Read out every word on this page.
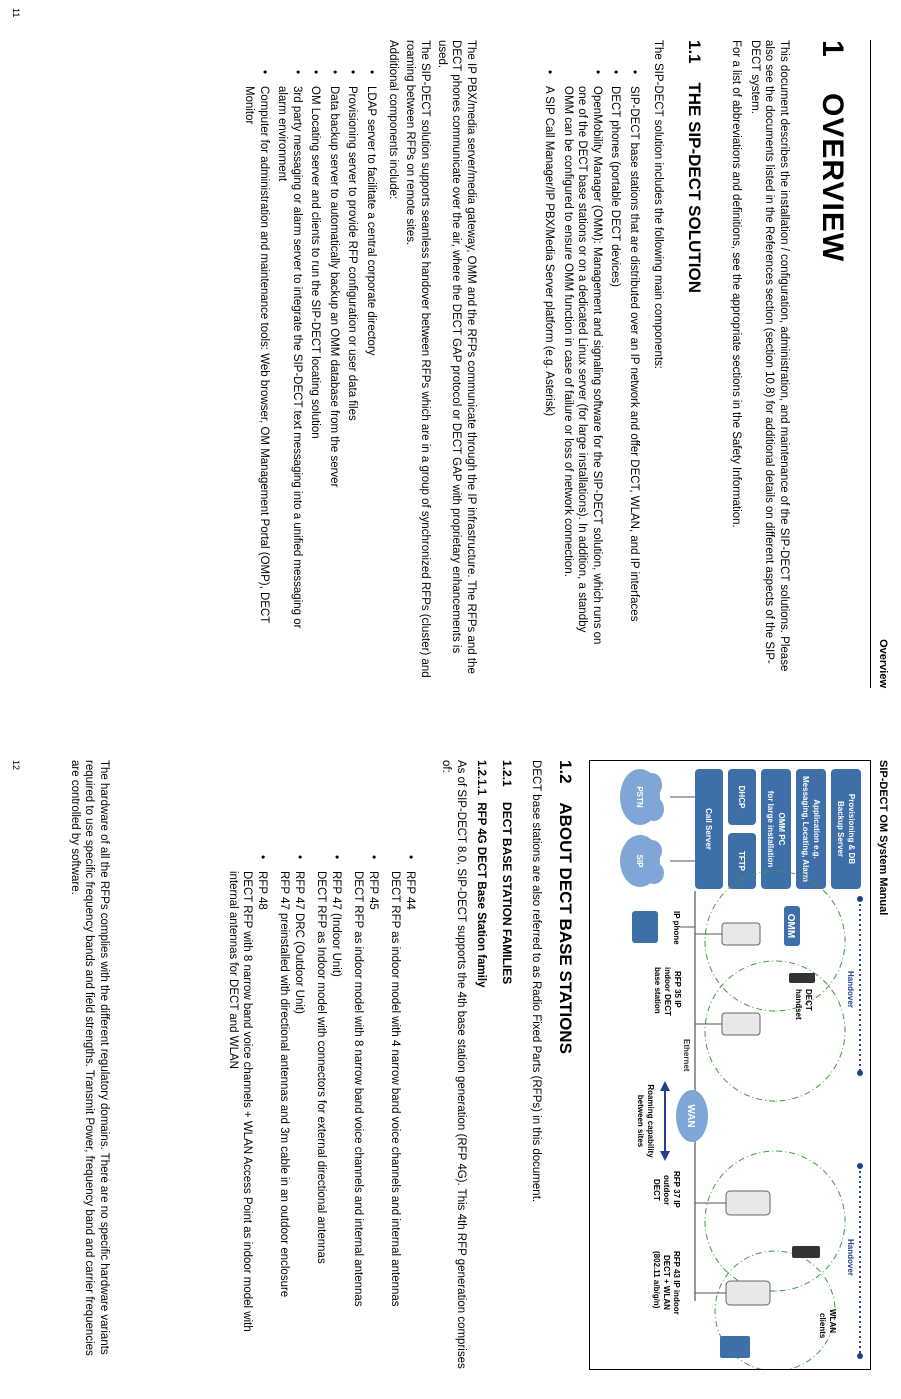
Overview
1 OVERVIEW
This document describes the installation / configuration, administration, and maintenance of the SIP-DECT solutions. Please also see the documents listed in the References section (section 10.8) for additional details on different aspects of the SIP-DECT system.
For a list of abbreviations and definitions, see the appropriate sections in the Safety Information.
1.1 THE SIP-DECT SOLUTION
The SIP-DECT solution includes the following main components:
• SIP-DECT base stations that are distributed over an IP network and offer DECT, WLAN, and IP interfaces
• DECT phones (portable DECT devices)
• OpenMobility Manager (OMM): Management and signaling software for the SIP-DECT solution, which runs on one of the DECT base stations or on a dedicated Linux server (for large installations). In addition, a standby OMM can be configured to ensure OMM function in case of failure or loss of network connection.
• A SIP Call Manager/IP PBX/Media Server platform (e.g. Asterisk)
The IP PBX/media server/media gateway, OMM and the RFPs communicate through the IP infrastructure. The RFPs and the DECT phones communicate over the air, where the DECT GAP protocol or DECT GAP with proprietary enhancements is used.
The SIP-DECT solution supports seamless handover between RFPs which are in a group of synchronized RFPs (cluster) and roaming between RFPs on remote sites.
Additional components include:
• LDAP server to facilitate a central corporate directory
• Provisioning server to provide RFP configuration or user data files
• Data backup server to automatically backup an OMM database from the server
• OM Locating server and clients to run the SIP-DECT locating solution
• 3rd party messaging or alarm server to integrate the SIP-DECT text messaging into a unified messaging or alarm environment
• Computer for administration and maintenance tools: Web browser, OM Management Portal (OMP), DECT Monitor
11
SIP-DECT OM System Manual
Provisioning & DB
Backup Server
Application e.g.
Messaging, Locating, Alarm
OMM PC
for large installation
DHCP
TFTP
Call Server
PSTN
SIP
Ethernet
Handover
Handover
OMM
DECT
handset
RFP 35 IP
indoor DECT
base station
IP phone
WAN
Roaming capability
between sites
WLAN
clients
RFP 37 IP
outdoor
DECT
RFP 43 IP indoor
DECT + WLAN
(802.11 a/b/g/n)
1.2 ABOUT DECT BASE STATIONS
DECT base stations are also referred to as Radio Fixed Parts (RFPs) in this document.
1.2.1 DECT BASE STATION FAMILIES
1.2.1.1 RFP 4G DECT Base Station family
As of SIP-DECT 8.0, SIP-DECT supports the 4th base station generation (RFP 4G). This 4th RFP generation comprises of:
• RFP 44
DECT RFP as indoor model with 4 narrow band voice channels and internal antennas
• RFP 45
DECT RFP as indoor model with 8 narrow band voice channels and internal antennas
• RFP 47 (Indoor Unit)
DECT RFP as Indoor model with connectors for external directional antennas
• RFP 47 DRC (Outdoor Unit)
RFP 47 preinstalled with directional antennas and 3m cable in an outdoor enclosure
• RFP 48
DECT RFP with 8 narrow band voice channels + WLAN Access Point as indoor model with internal antennas for DECT and WLAN
The hardware of all the RFPs complies with the different regulatory domains. There are no specific hardware variants required to use specific frequency bands and field strengths. Transmit Power, frequency band and carrier frequencies are controlled by software.
12
